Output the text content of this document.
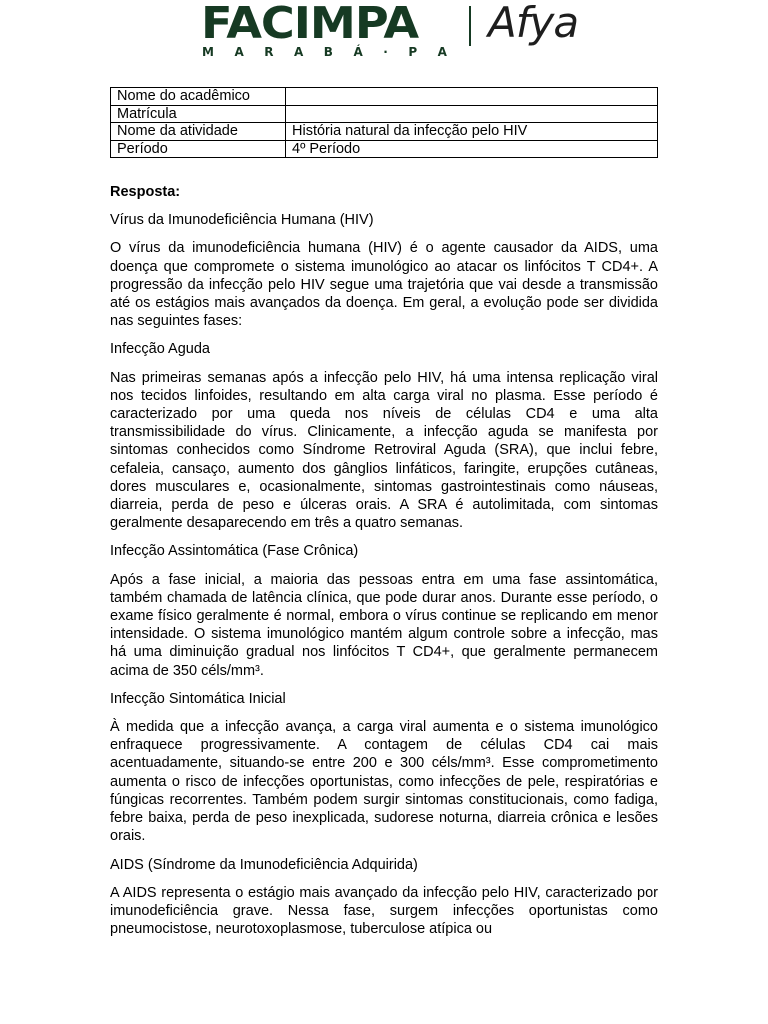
FACIMPA
M A R A B Á · P A
Afya
Nome do acadêmico	
Matrícula	
Nome da atividade	História natural da infecção pelo HIV
Período	4º Período

Resposta:

Vírus da Imunodeficiência Humana (HIV)

O vírus da imunodeficiência humana (HIV) é o agente causador da AIDS, uma doença que compromete o sistema imunológico ao atacar os linfócitos T CD4+. A progressão da infecção pelo HIV segue uma trajetória que vai desde a transmissão até os estágios mais avançados da doença. Em geral, a evolução pode ser dividida nas seguintes fases:

Infecção Aguda

Nas primeiras semanas após a infecção pelo HIV, há uma intensa replicação viral nos tecidos linfoides, resultando em alta carga viral no plasma. Esse período é caracterizado por uma queda nos níveis de células CD4 e uma alta transmissibilidade do vírus. Clinicamente, a infecção aguda se manifesta por sintomas conhecidos como Síndrome Retroviral Aguda (SRA), que inclui febre, cefaleia, cansaço, aumento dos gânglios linfáticos, faringite, erupções cutâneas, dores musculares e, ocasionalmente, sintomas gastrointestinais como náuseas, diarreia, perda de peso e úlceras orais. A SRA é autolimitada, com sintomas geralmente desaparecendo em três a quatro semanas.

Infecção Assintomática (Fase Crônica)

Após a fase inicial, a maioria das pessoas entra em uma fase assintomática, também chamada de latência clínica, que pode durar anos. Durante esse período, o exame físico geralmente é normal, embora o vírus continue se replicando em menor intensidade. O sistema imunológico mantém algum controle sobre a infecção, mas há uma diminuição gradual nos linfócitos T CD4+, que geralmente permanecem acima de 350 céls/mm³.

Infecção Sintomática Inicial

À medida que a infecção avança, a carga viral aumenta e o sistema imunológico enfraquece progressivamente. A contagem de células CD4 cai mais acentuadamente, situando-se entre 200 e 300 céls/mm³. Esse comprometimento aumenta o risco de infecções oportunistas, como infecções de pele, respiratórias e fúngicas recorrentes. Também podem surgir sintomas constitucionais, como fadiga, febre baixa, perda de peso inexplicada, sudorese noturna, diarreia crônica e lesões orais.

AIDS (Síndrome da Imunodeficiência Adquirida)

A AIDS representa o estágio mais avançado da infecção pelo HIV, caracterizado por imunodeficiência grave. Nessa fase, surgem infecções oportunistas como pneumocistose, neurotoxoplasmose, tuberculose atípica ou
